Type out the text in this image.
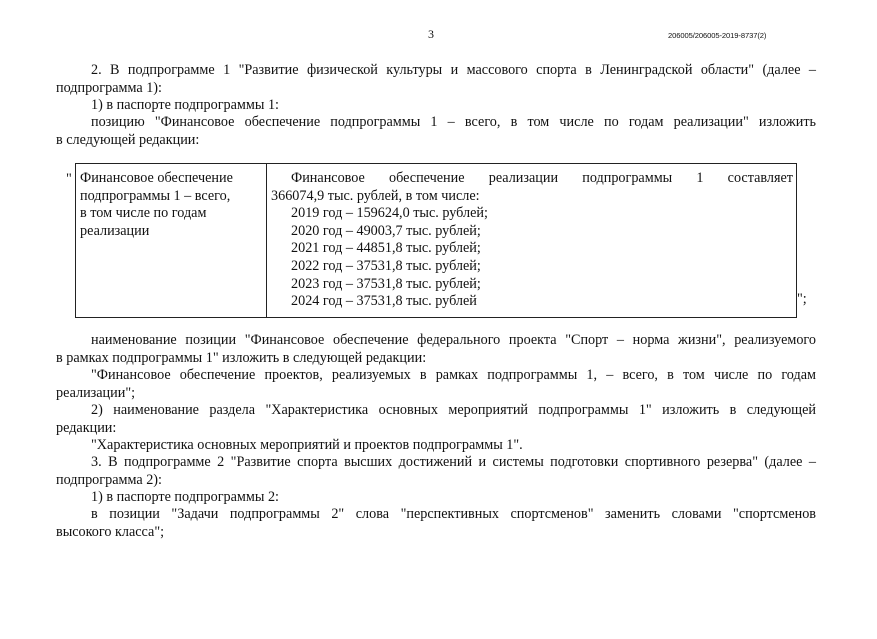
3	206005/206005-2019-8737(2)
2. В подпрограмме 1 "Развитие физической культуры и массового спорта в Ленинградской области" (далее –
подпрограмма 1):
1) в паспорте подпрограммы 1:
позицию "Финансовое обеспечение подпрограммы 1 – всего, в том числе по годам реализации" изложить
в следующей редакции:
" Финансовое обеспечение
подпрограммы 1 – всего,
в том числе по годам
реализации

Финансовое обеспечение реализации подпрограммы 1 составляет
366074,9 тыс. рублей, в том числе:
2019 год – 159624,0 тыс. рублей;
2020 год – 49003,7 тыс. рублей;
2021 год – 44851,8 тыс. рублей;
2022 год – 37531,8 тыс. рублей;
2023 год – 37531,8 тыс. рублей;
2024 год – 37531,8 тыс. рублей	";
наименование позиции "Финансовое обеспечение федерального проекта "Спорт – норма жизни", реализуемого
в рамках подпрограммы 1" изложить в следующей редакции:
"Финансовое обеспечение проектов, реализуемых в рамках подпрограммы 1, – всего, в том числе по годам
реализации";
2) наименование раздела "Характеристика основных мероприятий подпрограммы 1" изложить в следующей
редакции:
"Характеристика основных мероприятий и проектов подпрограммы 1".
3. В подпрограмме 2 "Развитие спорта высших достижений и системы подготовки спортивного резерва" (далее –
подпрограмма 2):
1) в паспорте подпрограммы 2:
в позиции "Задачи подпрограммы 2" слова "перспективных спортсменов" заменить словами "спортсменов
высокого класса";
